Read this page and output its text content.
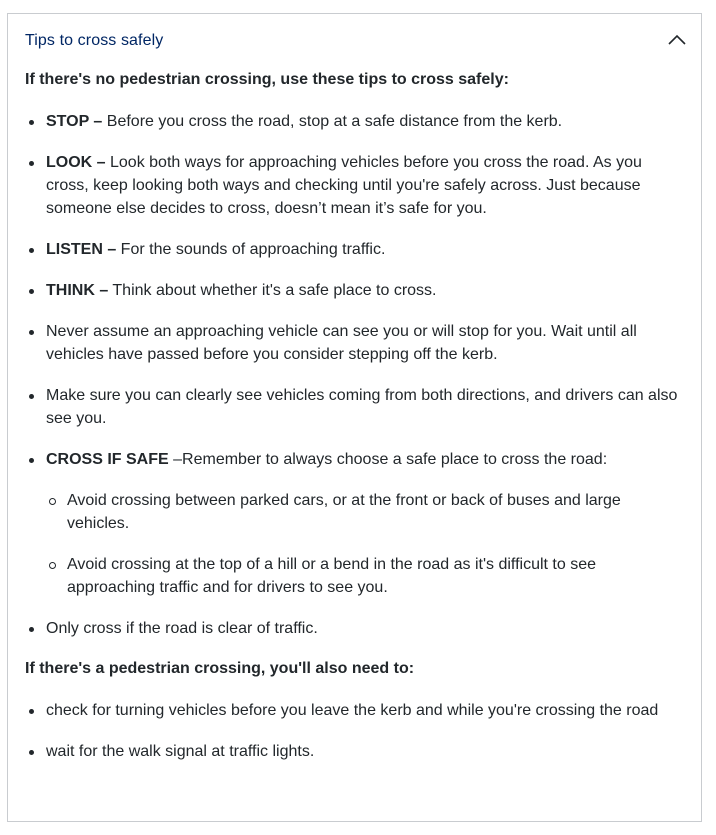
Tips to cross safely

If there's no pedestrian crossing, use these tips to cross safely:

STOP – Before you cross the road, stop at a safe distance from the kerb.
LOOK – Look both ways for approaching vehicles before you cross the road. As you cross, keep looking both ways and checking until you're safely across. Just because someone else decides to cross, doesn’t mean it’s safe for you.
LISTEN – For the sounds of approaching traffic.
THINK – Think about whether it's a safe place to cross.
Never assume an approaching vehicle can see you or will stop for you. Wait until all vehicles have passed before you consider stepping off the kerb.
Make sure you can clearly see vehicles coming from both directions, and drivers can also see you.
CROSS IF SAFE –Remember to always choose a safe place to cross the road:
Avoid crossing between parked cars, or at the front or back of buses and large vehicles.
Avoid crossing at the top of a hill or a bend in the road as it's difficult to see approaching traffic and for drivers to see you.
Only cross if the road is clear of traffic.

If there's a pedestrian crossing, you'll also need to:

check for turning vehicles before you leave the kerb and while you're crossing the road
wait for the walk signal at traffic lights.
